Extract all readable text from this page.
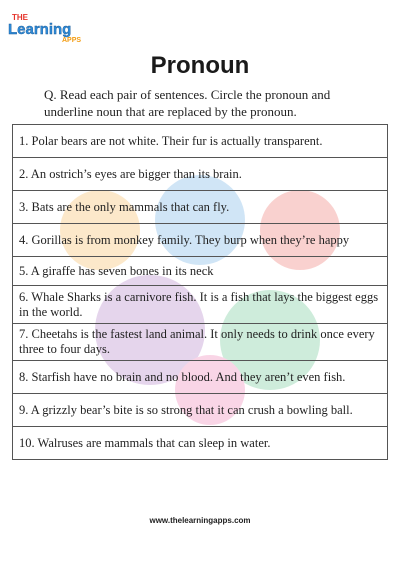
THE
Learning
APPS
Pronoun
Q. Read each pair of sentences. Circle the pronoun and underline noun that are replaced by the pronoun.
1. Polar bears are not white. Their fur is actually transparent.
2. An ostrich’s eyes are bigger than its brain.
3. Bats are the only mammals that can fly.
4. Gorillas is from monkey family. They burp when they’re happy
5. A giraffe has seven bones in its neck
6. Whale Sharks is a carnivore fish. It is a fish that lays the biggest eggs in the world.
7. Cheetahs is the fastest land animal. It only needs to drink once every three to four days.
8. Starfish have no brain and no blood. And they aren’t even fish.
9. A grizzly bear’s bite is so strong that it can crush a bowling ball.
10. Walruses are mammals that can sleep in water.
www.thelearningapps.com
